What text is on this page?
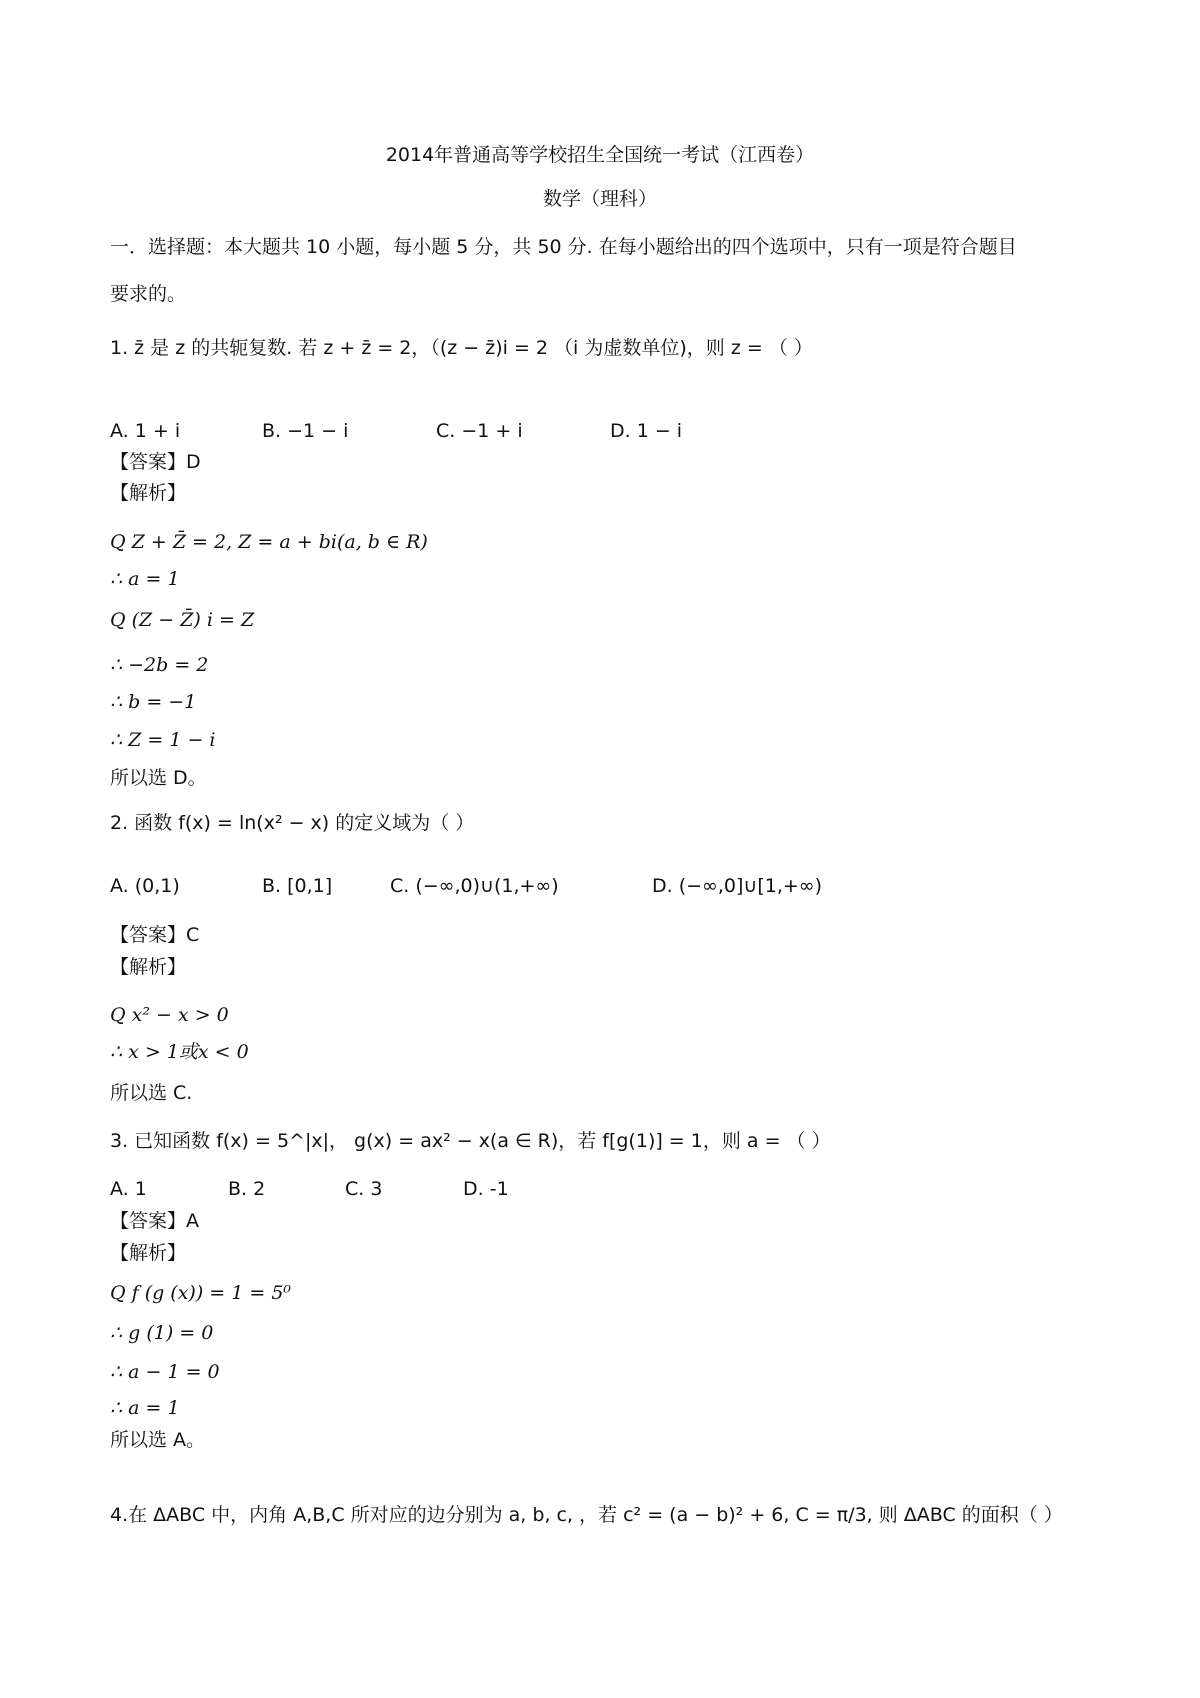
2014年普通高等学校招生全国统一考试（江西卷）
数学（理科）
一．选择题：本大题共 10 小题，每小题 5 分，共 50 分. 在每小题给出的四个选项中，只有一项是符合题目
要求的。
1. z̄ 是 z 的共轭复数. 若 z + z̄ = 2，（(z − z̄)i = 2 （i 为虚数单位)，则 z = （ ）
A. 1 + i	B. −1 − i	C. −1 + i	D. 1 − i
【答案】D
【解析】
Q Z + Z̄ = 2, Z = a + bi(a, b ∈ R)
∴ a = 1
Q (Z − Z̄) i = Z
∴ −2b = 2
∴ b = −1
∴ Z = 1 − i
所以选 D。
2. 函数 f(x) = ln(x² − x) 的定义域为（ ）
A. (0,1)	B. [0,1]	C. (−∞,0)∪(1,+∞)	D. (−∞,0]∪[1,+∞)
【答案】C
【解析】
Q x² − x > 0
∴ x > 1或x < 0
所以选 C.
3. 已知函数 f(x) = 5^|x|， g(x) = ax² − x(a ∈ R)，若 f[g(1)] = 1，则 a = （ ）
A. 1	B. 2	C. 3	D. -1
【答案】A
【解析】
Q f (g (x)) = 1 = 5⁰
∴ g (1) = 0
∴ a − 1 = 0
∴ a = 1
所以选 A。
4.在 ΔABC 中，内角 A,B,C 所对应的边分别为 a, b, c, ，若 c² = (a − b)² + 6, C = π/3, 则 ΔABC 的面积（ ）
